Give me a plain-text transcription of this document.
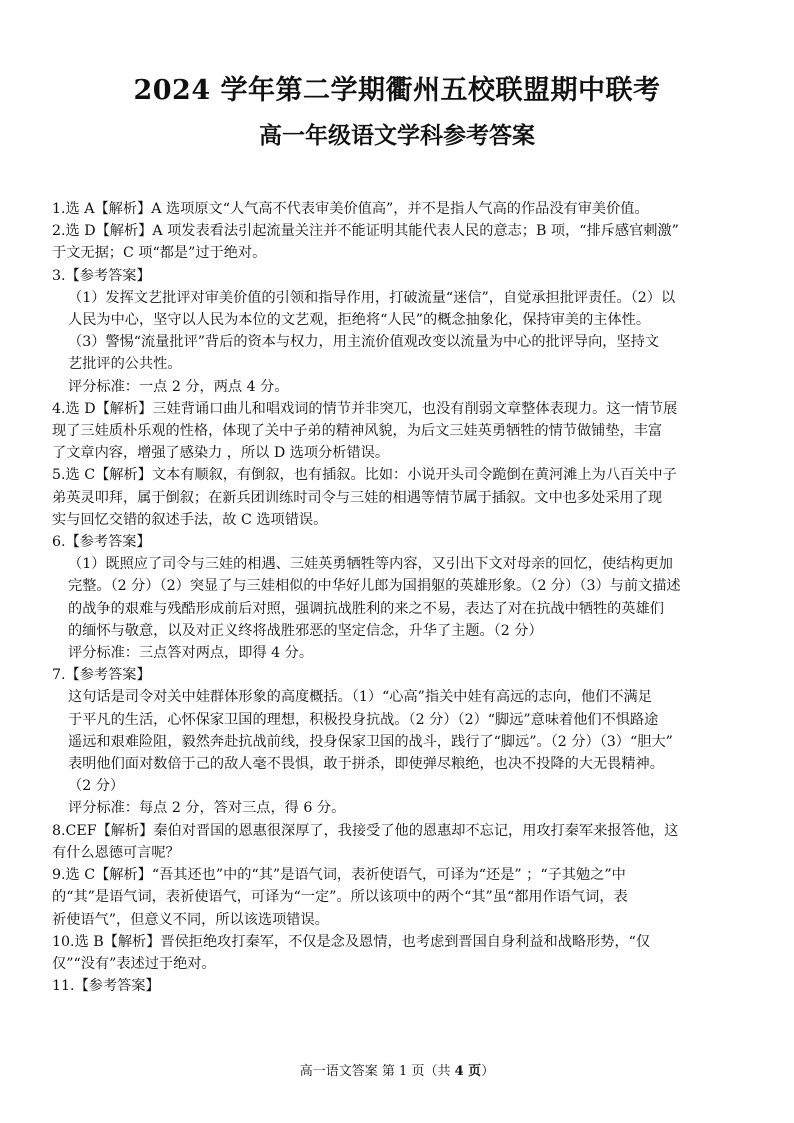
2024 学年第二学期衢州五校联盟期中联考
高一年级语文学科参考答案

1.选 A【解析】A 选项原文“人气高不代表审美价值高”，并不是指人气高的作品没有审美价值。

2.选 D【解析】A 项发表看法引起流量关注并不能证明其能代表人民的意志；B 项，“排斥感官刺激”
于文无据；C 项“都是”过于绝对。

3.【参考答案】

（1）发挥文艺批评对审美价值的引领和指导作用，打破流量“迷信”，自觉承担批评责任。（2）以
人民为中心，坚守以人民为本位的文艺观，拒绝将“人民”的概念抽象化，保持审美的主体性。
（3）警惕“流量批评”背后的资本与权力，用主流价值观改变以流量为中心的批评导向，坚持文
艺批评的公共性。

评分标准：一点 2 分，两点 4 分。

4.选 D【解析】三娃背诵口曲儿和唱戏词的情节并非突兀，也没有削弱文章整体表现力。这一情节展
现了三娃质朴乐观的性格，体现了关中子弟的精神风貌，为后文三娃英勇牺牲的情节做铺垫，丰富
了文章内容，增强了感染力 ，所以 D 选项分析错误。

5.选 C【解析】文本有顺叙，有倒叙，也有插叙。比如：小说开头司令跪倒在黄河滩上为八百关中子
弟英灵叩拜，属于倒叙；在新兵团训练时司令与三娃的相遇等情节属于插叙。文中也多处采用了现
实与回忆交错的叙述手法，故 C 选项错误。

6.【参考答案】

（1）既照应了司令与三娃的相遇、三娃英勇牺牲等内容，又引出下文对母亲的回忆，使结构更加
完整。（2 分）（2）突显了与三娃相似的中华好儿郎为国捐躯的英雄形象。（2 分）（3）与前文描述
的战争的艰难与残酷形成前后对照，强调抗战胜利的来之不易，表达了对在抗战中牺牲的英雄们
的缅怀与敬意，以及对正义终将战胜邪恶的坚定信念，升华了主题。（2 分）

评分标准：三点答对两点，即得 4 分。

7.【参考答案】

这句话是司令对关中娃群体形象的高度概括。（1）“心高”指关中娃有高远的志向，他们不满足
于平凡的生活，心怀保家卫国的理想，积极投身抗战。（2 分）（2）“脚远”意味着他们不惧路途
遥远和艰难险阻，毅然奔赴抗战前线，投身保家卫国的战斗，践行了“脚远”。（2 分）（3）“胆大”
表明他们面对数倍于己的敌人毫不畏惧，敢于拼杀，即使弹尽粮绝，也决不投降的大无畏精神。
（2 分）

评分标准：每点 2 分，答对三点，得 6 分。

8.CEF【解析】秦伯对晋国的恩惠很深厚了，我接受了他的恩惠却不忘记，用攻打秦军来报答他，这
有什么恩德可言呢？

9.选 C【解析】“吾其还也”中的“其”是语气词，表祈使语气，可译为“还是” ；“子其勉之”中
的“其”是语气词，表祈使语气，可译为“一定”。所以该项中的两个“其”虽“都用作语气词，表
祈使语气”，但意义不同，所以该选项错误。

10.选 B【解析】晋侯拒绝攻打秦军，不仅是念及恩情，也考虑到晋国自身利益和战略形势，“仅
仅”“没有”表述过于绝对。

11.【参考答案】

高一语文答案 第 1 页（共 4 页）
